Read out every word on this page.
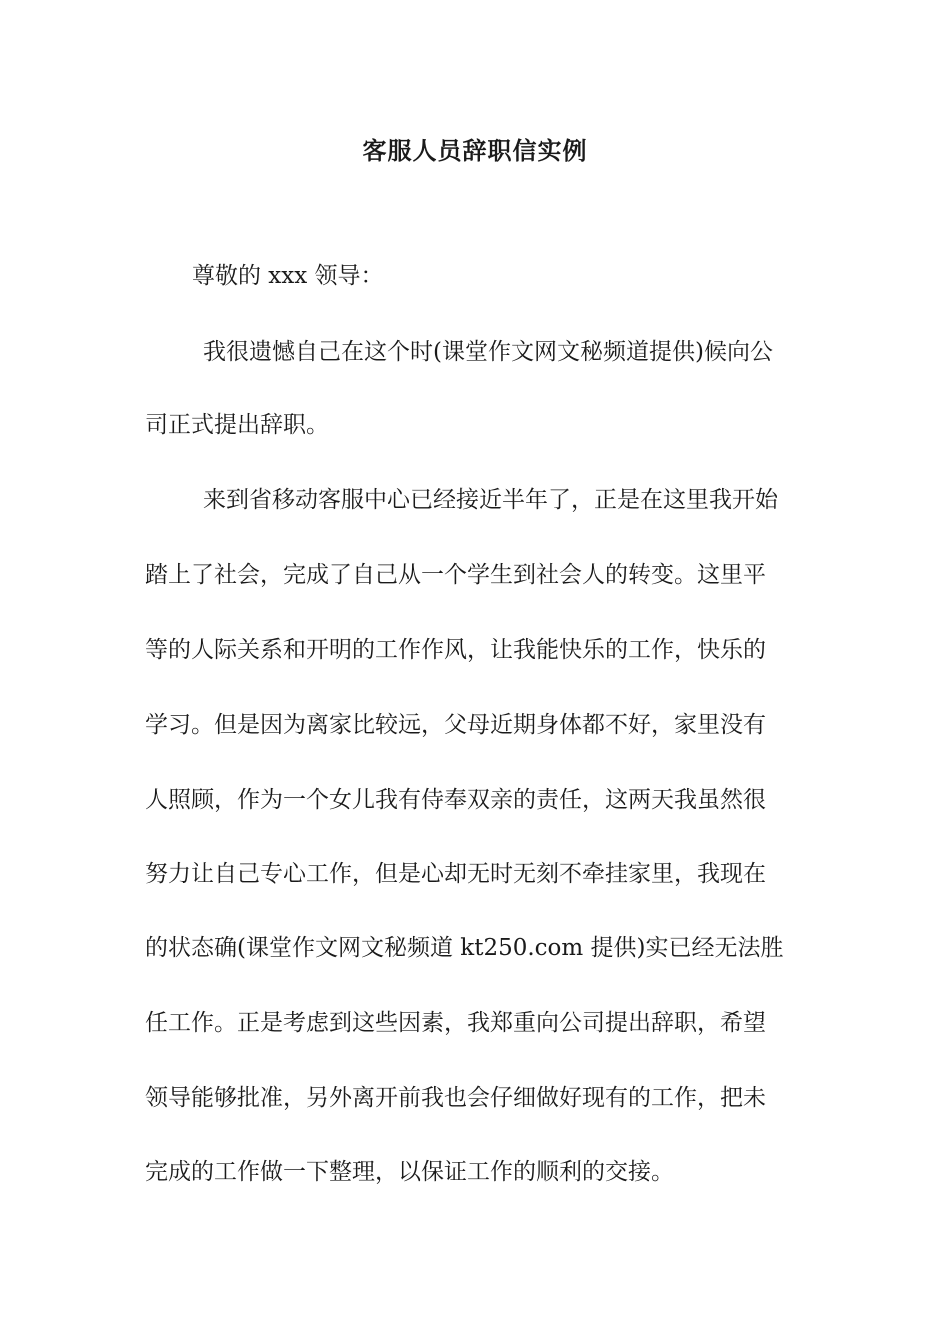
客服人员辞职信实例
尊敬的 xxx 领导：
我很遗憾自己在这个时(课堂作文网文秘频道提供)候向公
司正式提出辞职。
来到省移动客服中心已经接近半年了，正是在这里我开始
踏上了社会，完成了自己从一个学生到社会人的转变。这里平
等的人际关系和开明的工作作风，让我能快乐的工作，快乐的
学习。但是因为离家比较远，父母近期身体都不好，家里没有
人照顾，作为一个女儿我有侍奉双亲的责任，这两天我虽然很
努力让自己专心工作，但是心却无时无刻不牵挂家里，我现在
的状态确(课堂作文网文秘频道 kt250.com 提供)实已经无法胜
任工作。正是考虑到这些因素，我郑重向公司提出辞职，希望
领导能够批准，另外离开前我也会仔细做好现有的工作，把未
完成的工作做一下整理，以保证工作的顺利的交接。
